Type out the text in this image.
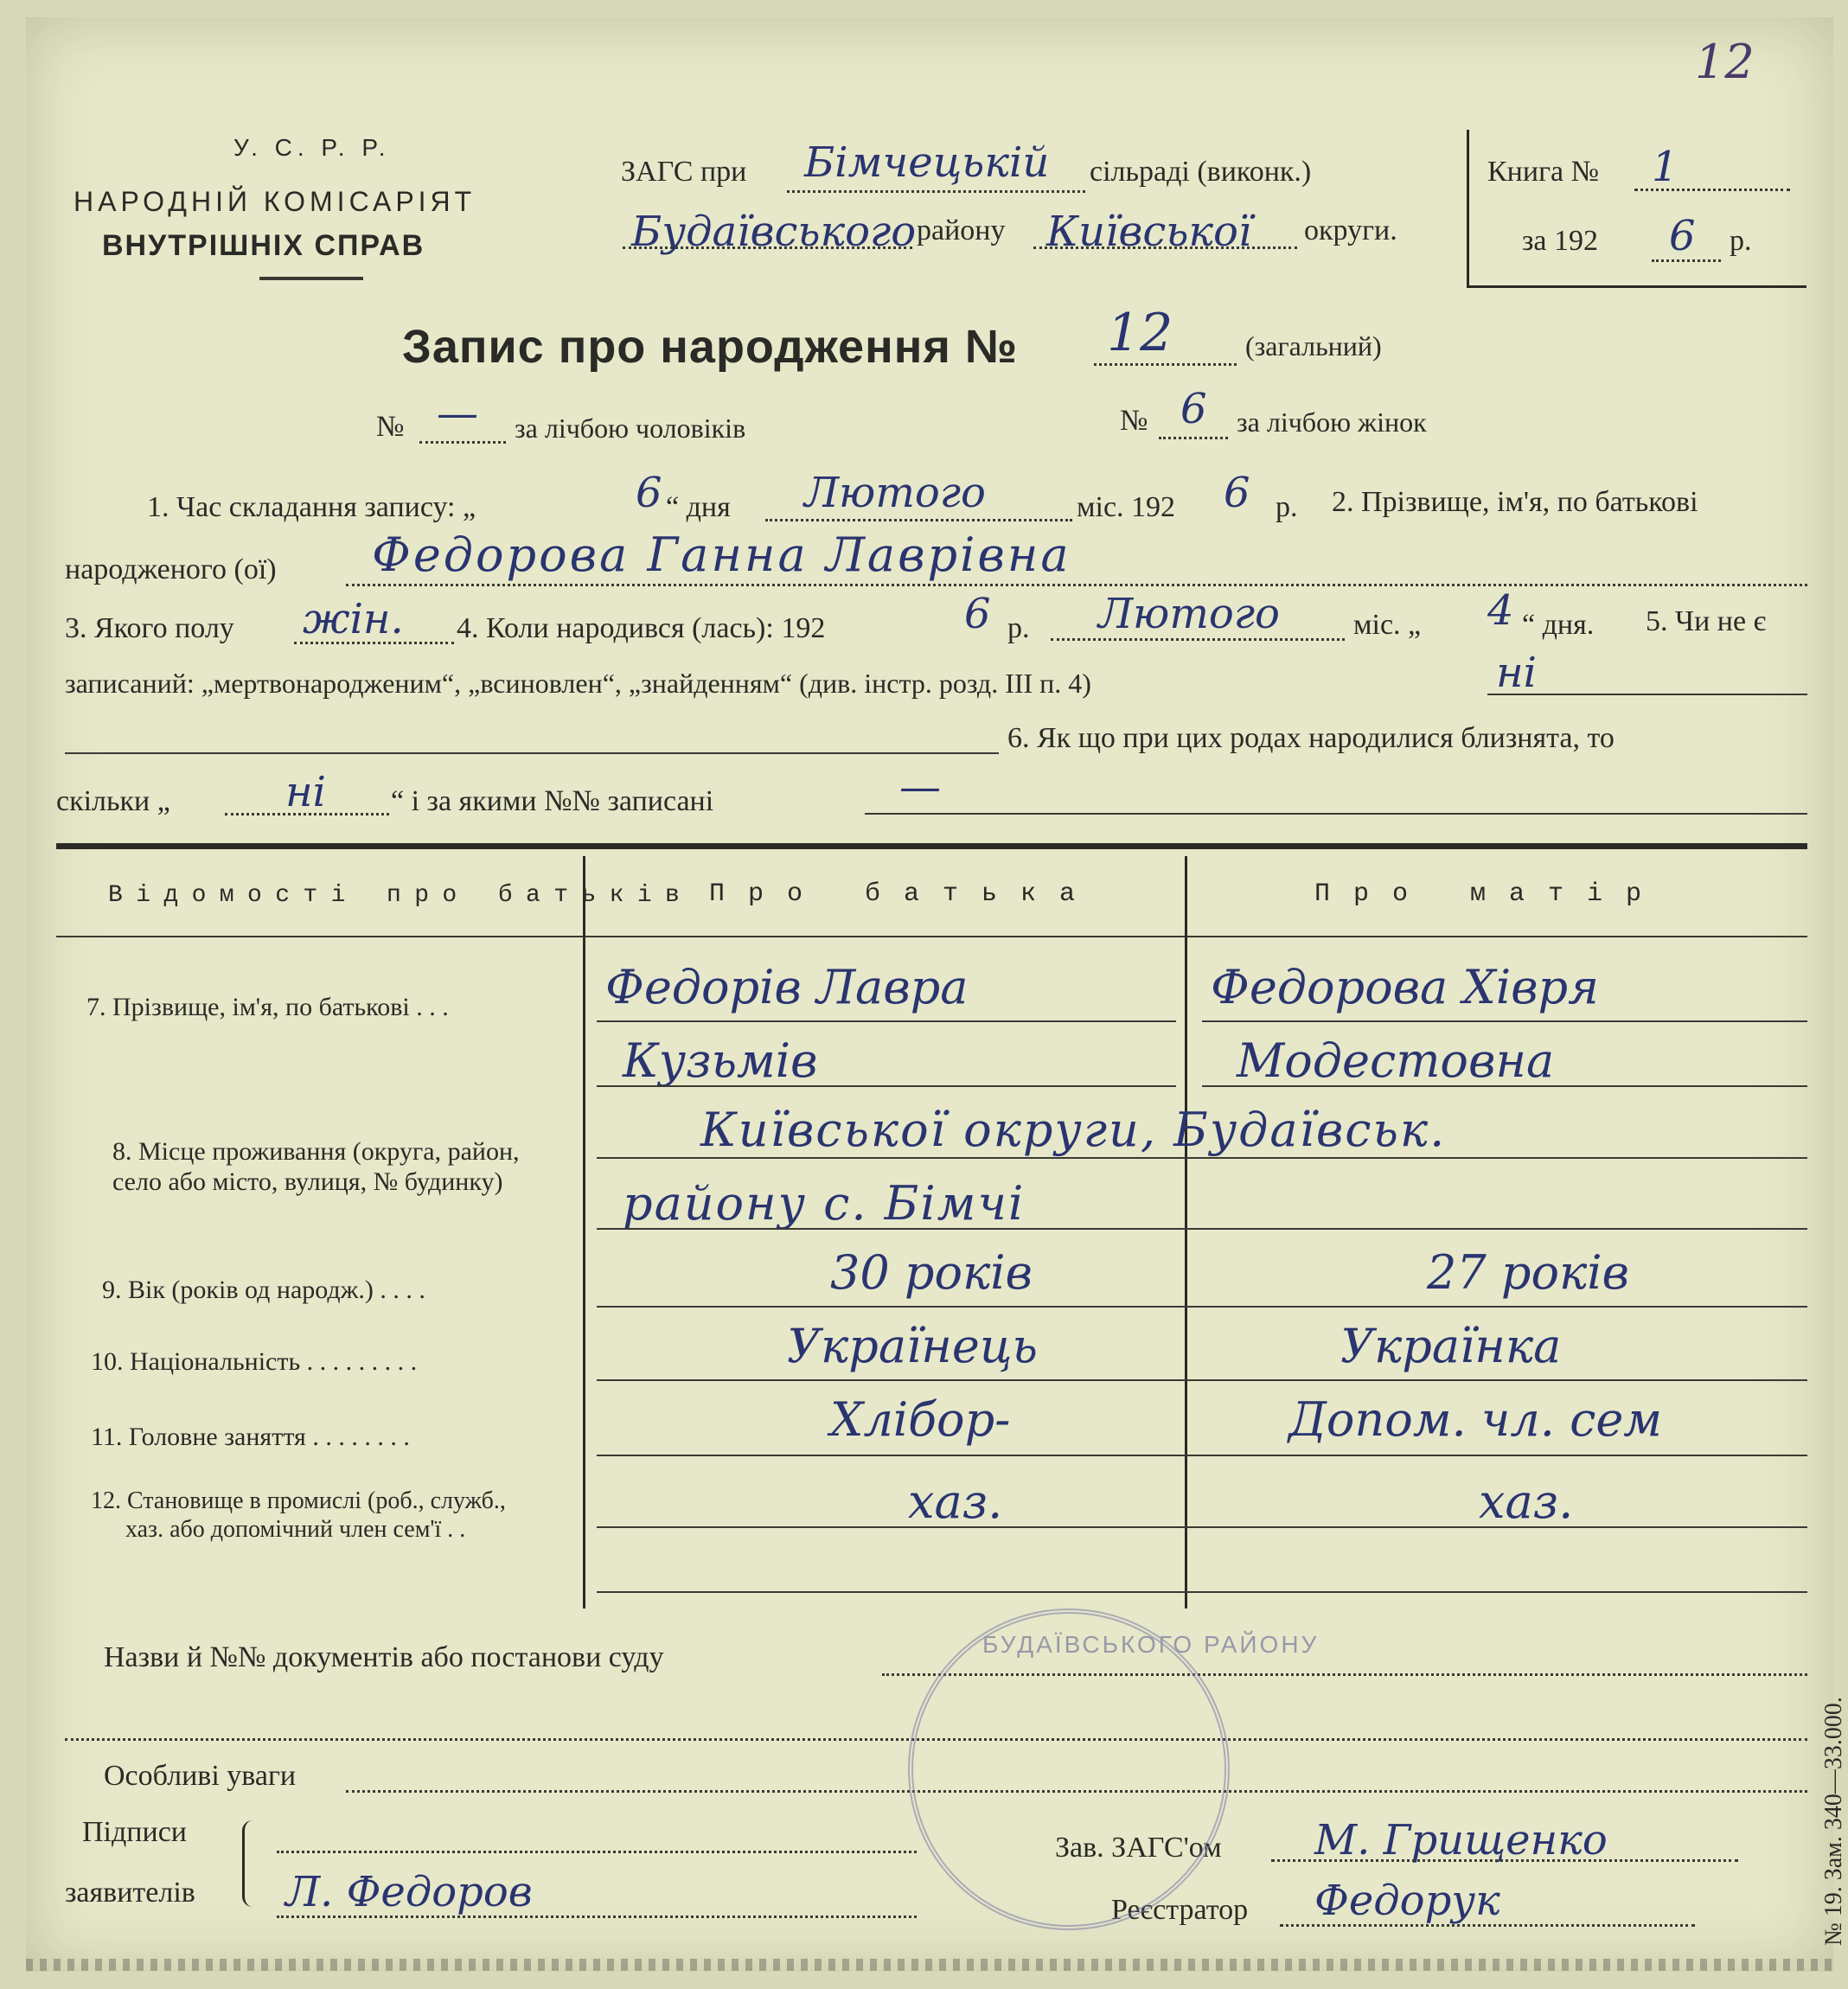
12
У. С. Р. Р.
НАРОДНІЙ КОМІСАРІЯТ
ВНУТРІШНІХ СПРАВ
ЗАГС при Бімчецькій сільраді (виконк.)
Будаївського району Київської округи.
Книга № 1
за 192 6 р.
Запис про народження № 12	(загальний)
№ — за лічбою чоловіків	№ 6 за лічбою жінок
1. Час складання запису: „	6 “ дня Лютого	міс. 192 6 р. 2. Прізвище, ім'я, по батькові
народженого (ої) Федорова Ганна Лаврівна
3. Якого полу жін. 4. Коли народився (лась): 192	6 р. Лютого	міс. „ 4 “ дня. 5. Чи не є
записаний: „мертвонародженим“, „всиновлен“, „знайденням“ (див. інстр. розд. III п. 4)	ні
6. Як що при цих родах народилися близнята, то
скільки „	ні “ і за якими №№ записані	—
Відомості про батьків Про батька	Про матір
7. Прізвище, ім'я, по батькові . . .	Федорів Лавра	Федорова Хівря
Кузьмів	Модестовна
8. Місце проживання (округа, район,
село або місто, вулиця, № будинку)
Київської округи, Будаївськ.
району с. Бімчі
9. Вік (років од народж.) . . . .	30 років	27 років
10. Національність . . . . . . . . .	Українець	Українка
11. Головне заняття . . . . . . . .	Хлібор-	Допом. чл. сем
12. Становище в промислі (роб., служб.,
хаз. або допомічний член сем'ї . .
хаз.	хаз.
Назви й №№ документів або постанови суду
Особливі уваги
Підписи
заявителів Л. Федоров
Зав. ЗАГС'ом М. Грищенко
Реєстратор Федорук
БУДАЇВСЬКОГО РАЙОНУ
№ 19. Зам. 340—33.000.
